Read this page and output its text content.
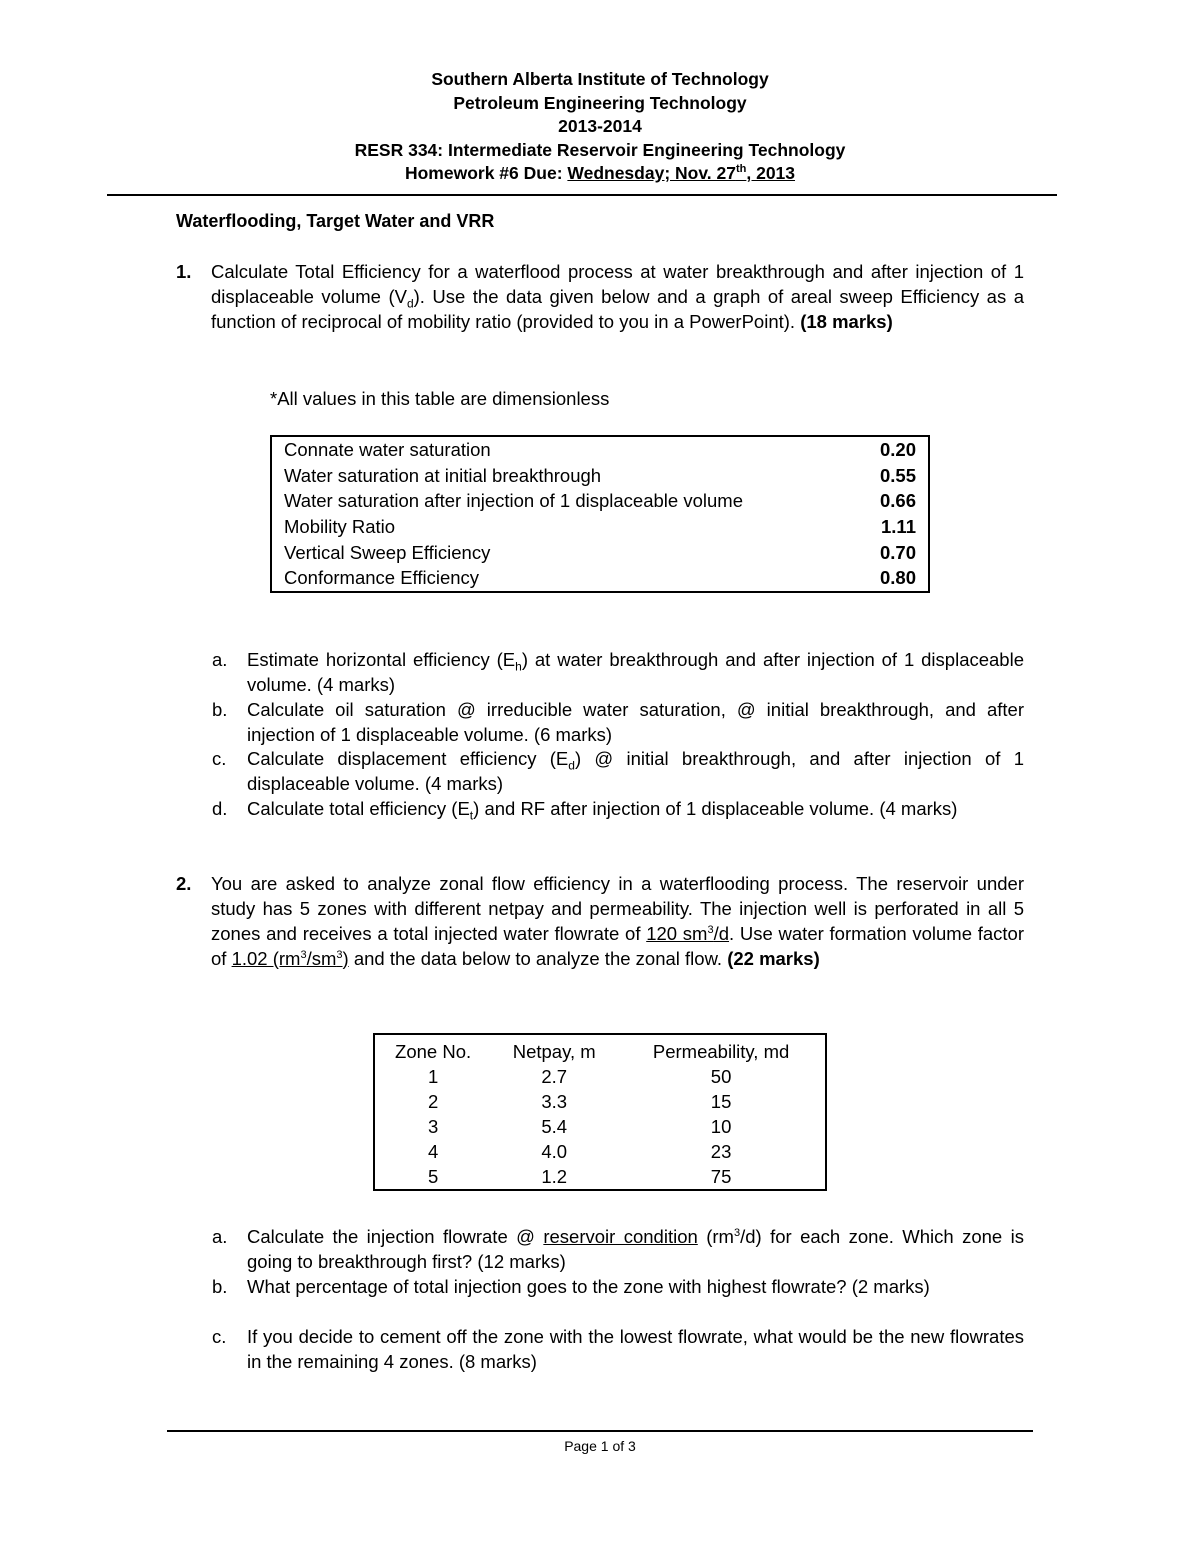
Southern Alberta Institute of Technology
Petroleum Engineering Technology
2013-2014
RESR 334: Intermediate Reservoir Engineering Technology
Homework #6 Due: Wednesday; Nov. 27th, 2013
Waterflooding, Target Water and VRR
1. Calculate Total Efficiency for a waterflood process at water breakthrough and after injection of 1 displaceable volume $(V_d)$. Use the data given below and a graph of areal sweep Efficiency as a function of reciprocal of mobility ratio (provided to you in a PowerPoint). (18 marks)
*All values in this table are dimensionless
Connate water saturation	0.20
Water saturation at initial breakthrough	0.55
Water saturation after injection of 1 displaceable volume	0.66
Mobility Ratio	1.11
Vertical Sweep Efficiency	0.70
Conformance Efficiency	0.80
a. Estimate horizontal efficiency $(E_h)$ at water breakthrough and after injection of 1 displaceable volume. (4 marks)
b. Calculate oil saturation @ irreducible water saturation, @ initial breakthrough, and after injection of 1 displaceable volume. (6 marks)
c. Calculate displacement efficiency $(E_d)$ @ initial breakthrough, and after injection of 1 displaceable volume. (4 marks)
d. Calculate total efficiency $(E_t)$ and RF after injection of 1 displaceable volume. (4 marks)
2. You are asked to analyze zonal flow efficiency in a waterflooding process. The reservoir under study has 5 zones with different netpay and permeability. The injection well is perforated in all 5 zones and receives a total injected water flowrate of 120 $sm^3/d$. Use water formation volume factor of 1.02 $(rm^3/sm^3)$ and the data below to analyze the zonal flow. (22 marks)
Zone No.	Netpay, m	Permeability, md
1	2.7	50
2	3.3	15
3	5.4	10
4	4.0	23
5	1.2	75
a. Calculate the injection flowrate @ reservoir condition $(rm^3/d)$ for each zone. Which zone is going to breakthrough first? (12 marks)
b. What percentage of total injection goes to the zone with highest flowrate? (2 marks)
c. If you decide to cement off the zone with the lowest flowrate, what would be the new flowrates in the remaining 4 zones. (8 marks)
Page 1 of 3
